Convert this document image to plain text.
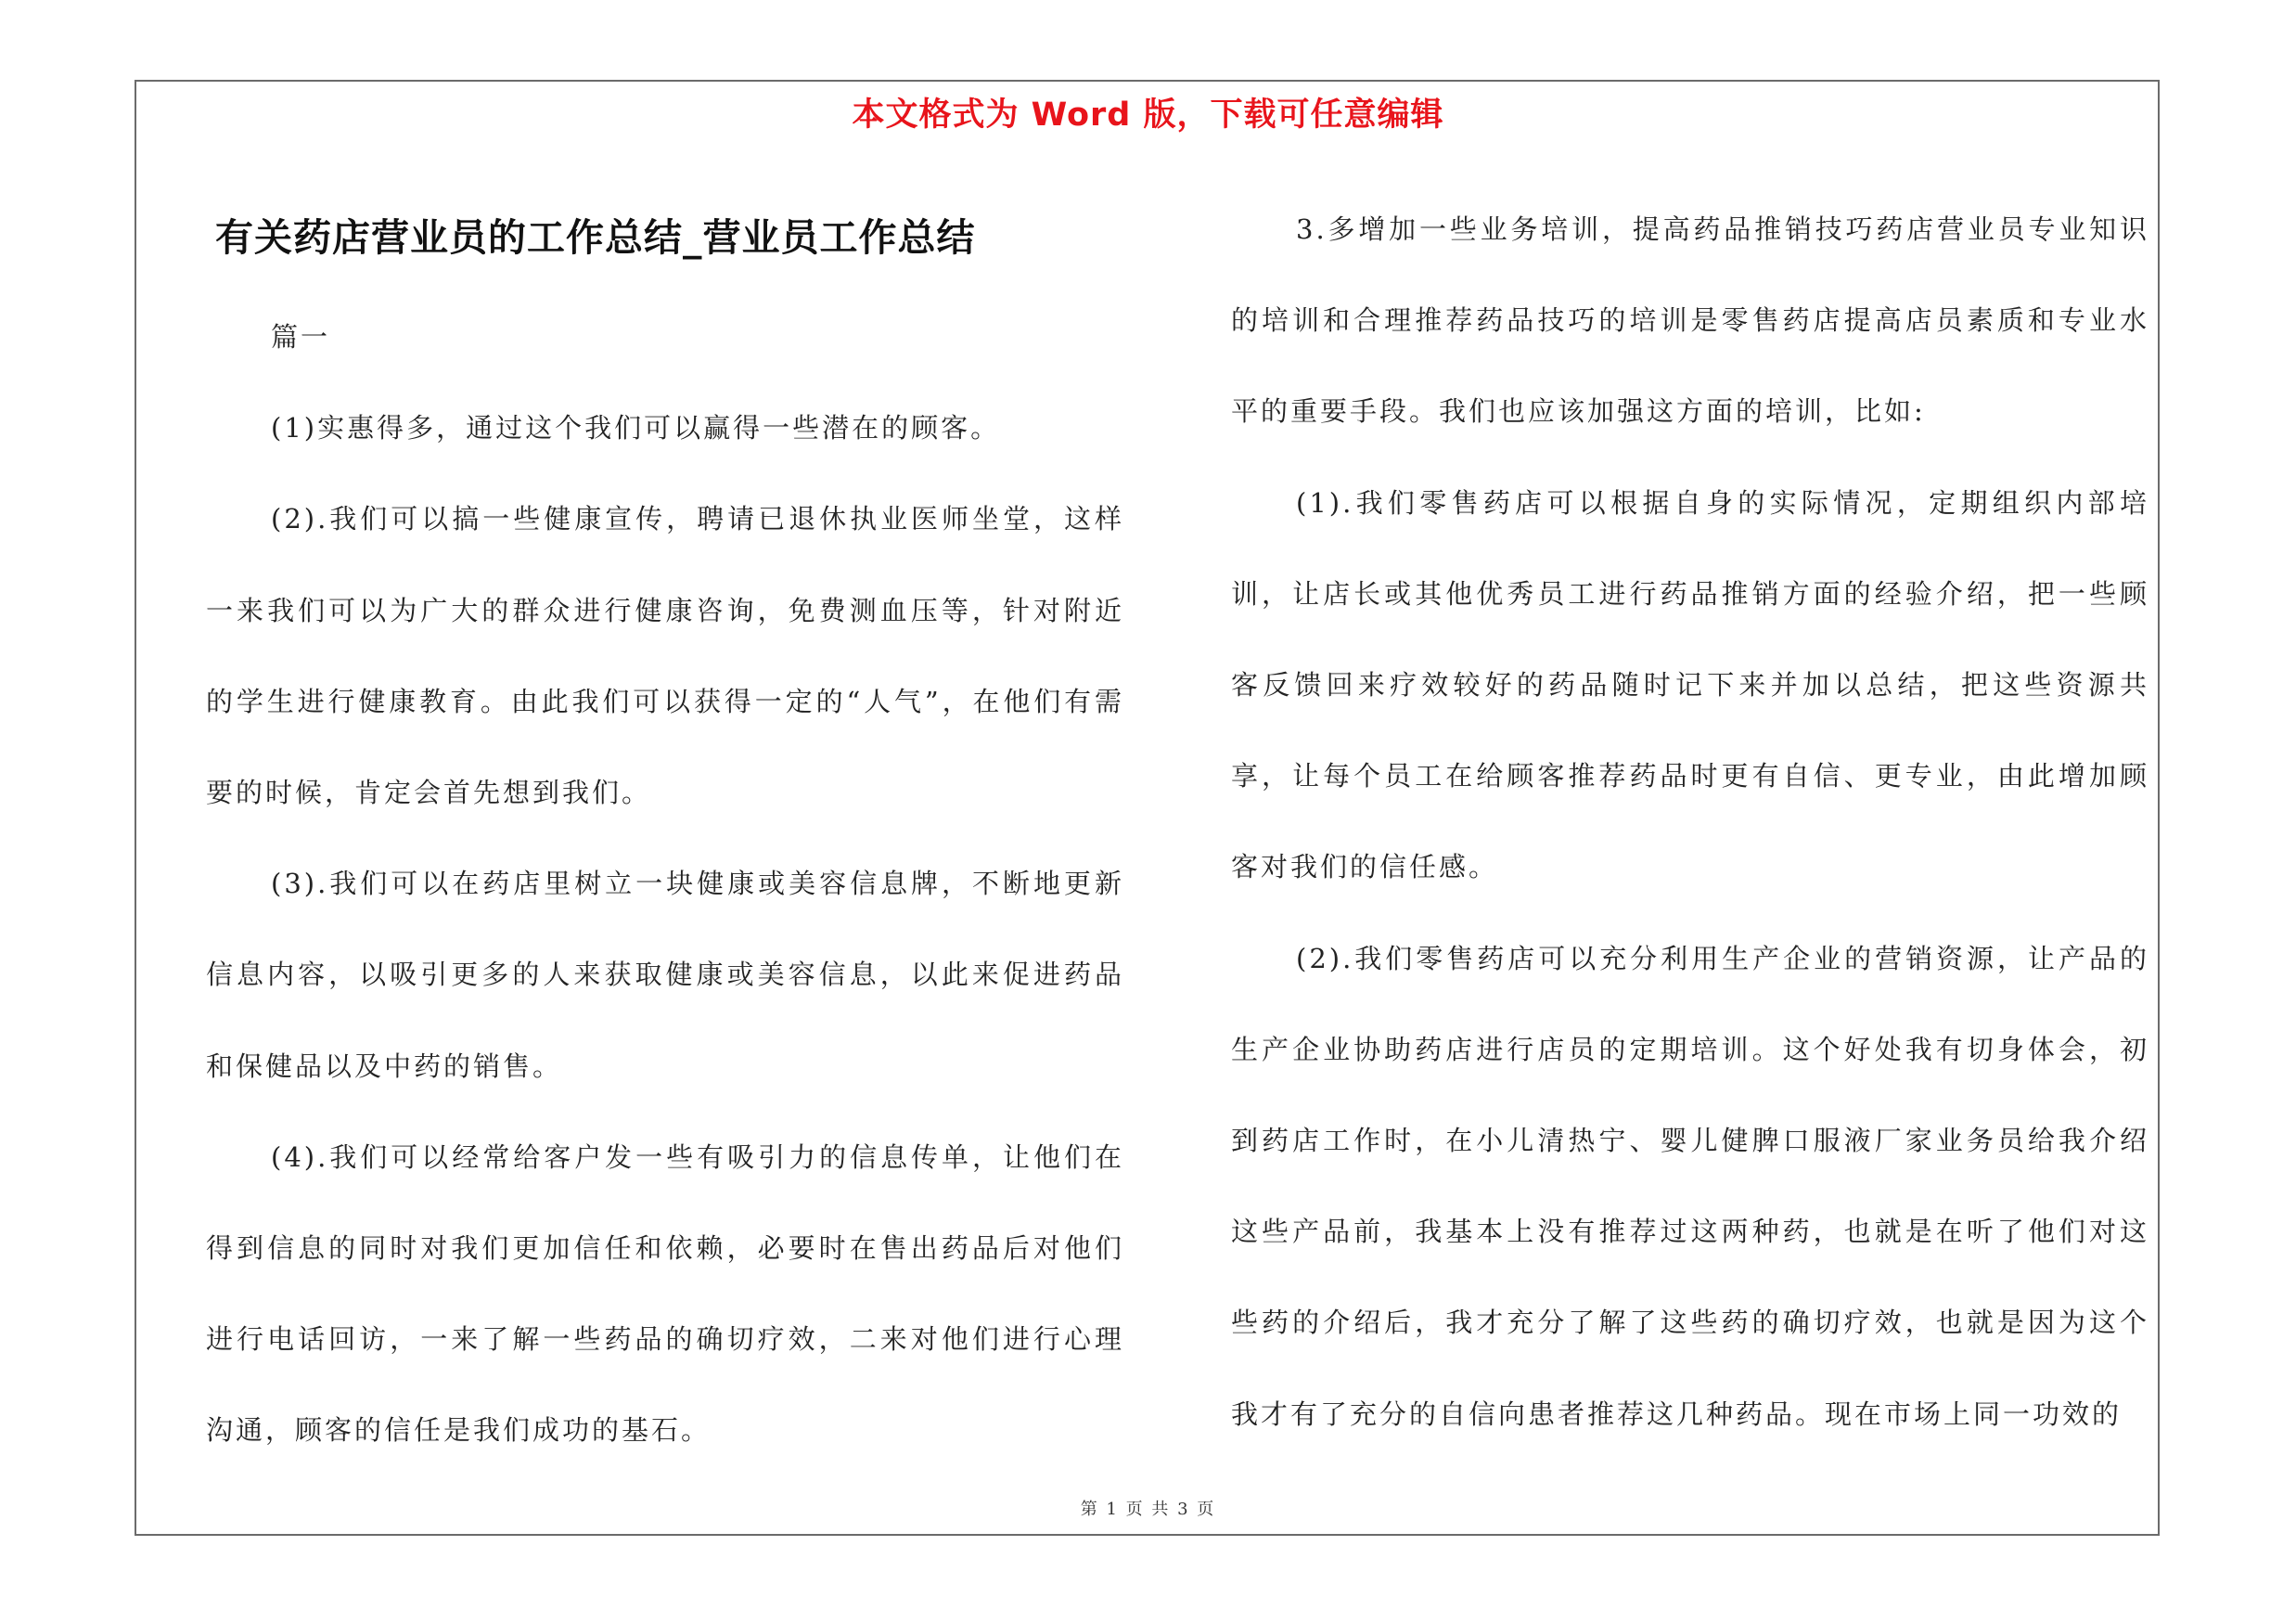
本文格式为 Word 版，下载可任意编辑
有关药店营业员的工作总结_营业员工作总结
篇一

(1)实惠得多，通过这个我们可以赢得一些潜在的顾客。

(2).我们可以搞一些健康宣传，聘请已退休执业医师坐堂，这样一来我们可以为广大的群众进行健康咨询，免费测血压等，针对附近的学生进行健康教育。由此我们可以获得一定的“人气”，在他们有需要的时候，肯定会首先想到我们。

(3).我们可以在药店里树立一块健康或美容信息牌，不断地更新信息内容，以吸引更多的人来获取健康或美容信息，以此来促进药品和保健品以及中药的销售。

(4).我们可以经常给客户发一些有吸引力的信息传单，让他们在得到信息的同时对我们更加信任和依赖，必要时在售出药品后对他们进行电话回访，一来了解一些药品的确切疗效，二来对他们进行心理沟通，顾客的信任是我们成功的基石。

3.多增加一些业务培训，提高药品推销技巧药店营业员专业知识的培训和合理推荐药品技巧的培训是零售药店提高店员素质和专业水平的重要手段。我们也应该加强这方面的培训，比如:

(1).我们零售药店可以根据自身的实际情况，定期组织内部培训，让店长或其他优秀员工进行药品推销方面的经验介绍，把一些顾客反馈回来疗效较好的药品随时记下来并加以总结，把这些资源共享，让每个员工在给顾客推荐药品时更有自信、更专业，由此增加顾客对我们的信任感。

(2).我们零售药店可以充分利用生产企业的营销资源，让产品的生产企业协助药店进行店员的定期培训。这个好处我有切身体会，初到药店工作时，在小儿清热宁、婴儿健脾口服液厂家业务员给我介绍这些产品前，我基本上没有推荐过这两种药，也就是在听了他们对这些药的介绍后，我才充分了解了这些药的确切疗效，也就是因为这个我才有了充分的自信向患者推荐这几种药品。现在市场上同一功效的

第 1 页 共 3 页
